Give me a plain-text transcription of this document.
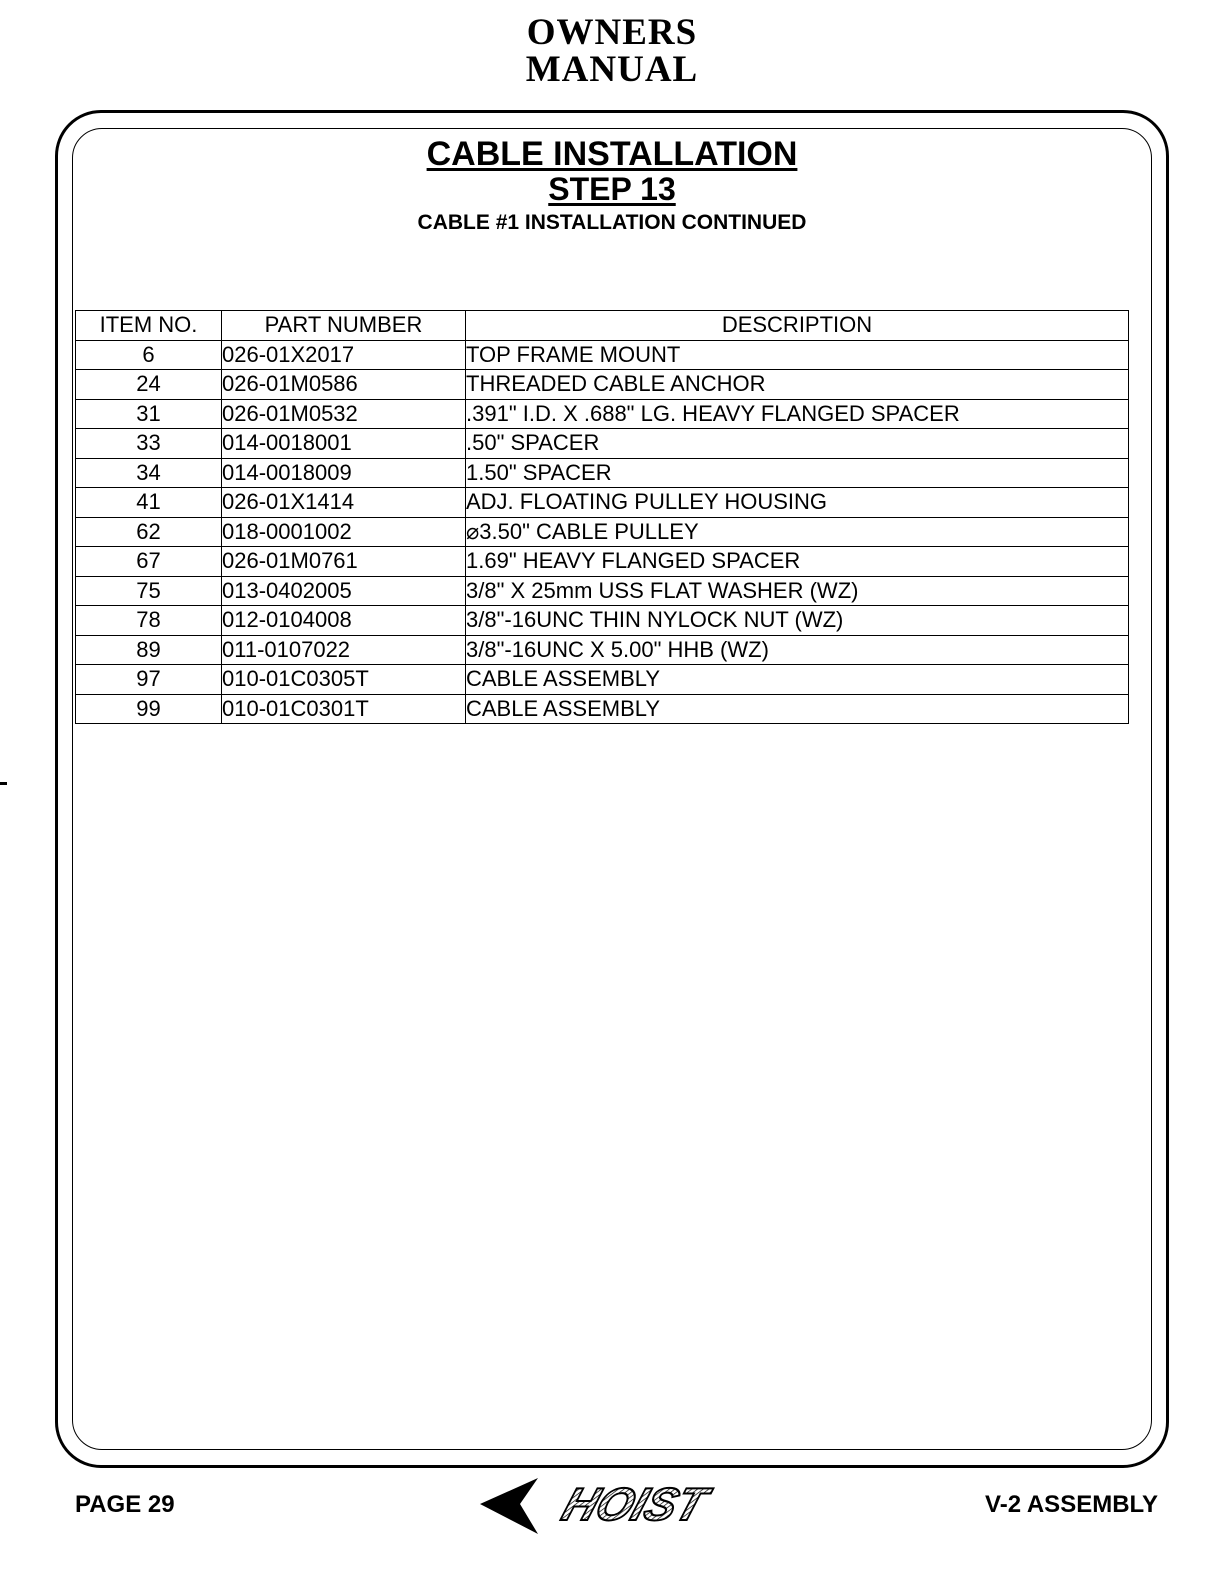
OWNERS
MANUAL
CABLE INSTALLATION
STEP 13
CABLE #1 INSTALLATION CONTINUED
ITEM NO.	PART NUMBER	DESCRIPTION
6	026-01X2017	TOP FRAME MOUNT
24	026-01M0586	THREADED CABLE ANCHOR
31	026-01M0532	.391" I.D. X .688" LG. HEAVY FLANGED SPACER
33	014-0018001	.50" SPACER
34	014-0018009	1.50" SPACER
41	026-01X1414	ADJ. FLOATING PULLEY HOUSING
62	018-0001002	⌀3.50" CABLE PULLEY
67	026-01M0761	1.69" HEAVY FLANGED SPACER
75	013-0402005	3/8" X 25mm USS FLAT WASHER (WZ)
78	012-0104008	3/8"-16UNC THIN NYLOCK NUT (WZ)
89	011-0107022	3/8"-16UNC X 5.00" HHB (WZ)
97	010-01C0305T	CABLE ASSEMBLY
99	010-01C0301T	CABLE ASSEMBLY
PAGE 29	HOIST	V-2 ASSEMBLY
